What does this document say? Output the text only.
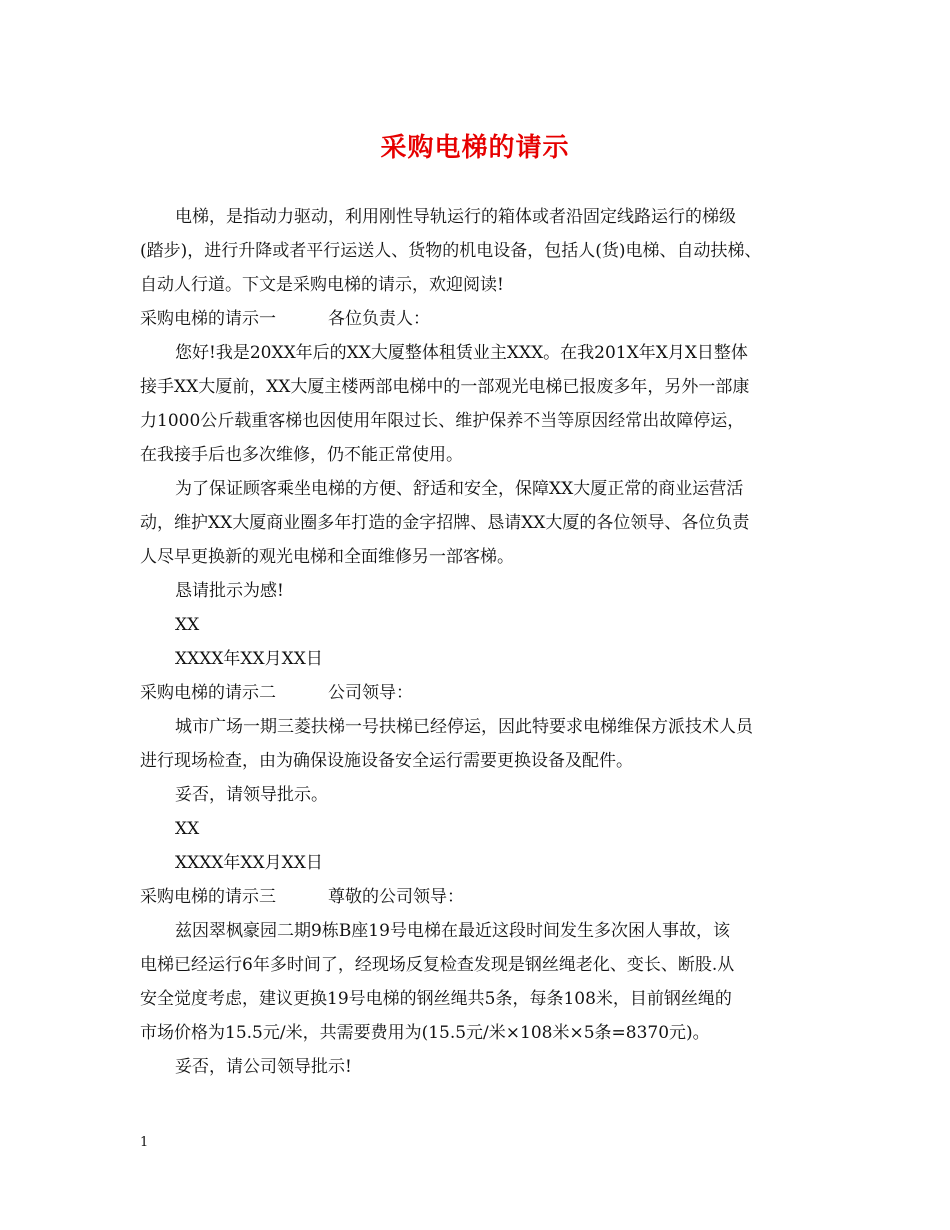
采购电梯的请示

电梯，是指动力驱动，利用刚性导轨运行的箱体或者沿固定线路运行的梯级

(踏步)，进行升降或者平行运送人、货物的机电设备，包括人(货)电梯、自动扶梯、

自动人行道。下文是采购电梯的请示，欢迎阅读!

采购电梯的请示一	各位负责人：

您好!我是20XX年后的XX大厦整体租赁业主XXX。在我201X年X月X日整体

接手XX大厦前，XX大厦主楼两部电梯中的一部观光电梯已报废多年，另外一部康

力1000公斤载重客梯也因使用年限过长、维护保养不当等原因经常出故障停运，

在我接手后也多次维修，仍不能正常使用。

为了保证顾客乘坐电梯的方便、舒适和安全，保障XX大厦正常的商业运营活

动，维护XX大厦商业圈多年打造的金字招牌、恳请XX大厦的各位领导、各位负责

人尽早更换新的观光电梯和全面维修另一部客梯。

恳请批示为感!

XX

XXXX年XX月XX日

采购电梯的请示二	公司领导：

城市广场一期三菱扶梯一号扶梯已经停运，因此特要求电梯维保方派技术人员

进行现场检查，由为确保设施设备安全运行需要更换设备及配件。

妥否，请领导批示。

XX

XXXX年XX月XX日

采购电梯的请示三	尊敬的公司领导：

兹因翠枫豪园二期9栋B座19号电梯在最近这段时间发生多次困人事故，该

电梯已经运行6年多时间了，经现场反复检查发现是钢丝绳老化、变长、断股.从

安全觉度考虑，建议更换19号电梯的钢丝绳共5条，每条108米，目前钢丝绳的

市场价格为15.5元/米，共需要费用为(15.5元/米×108米×5条=8370元)。

妥否，请公司领导批示!

1
